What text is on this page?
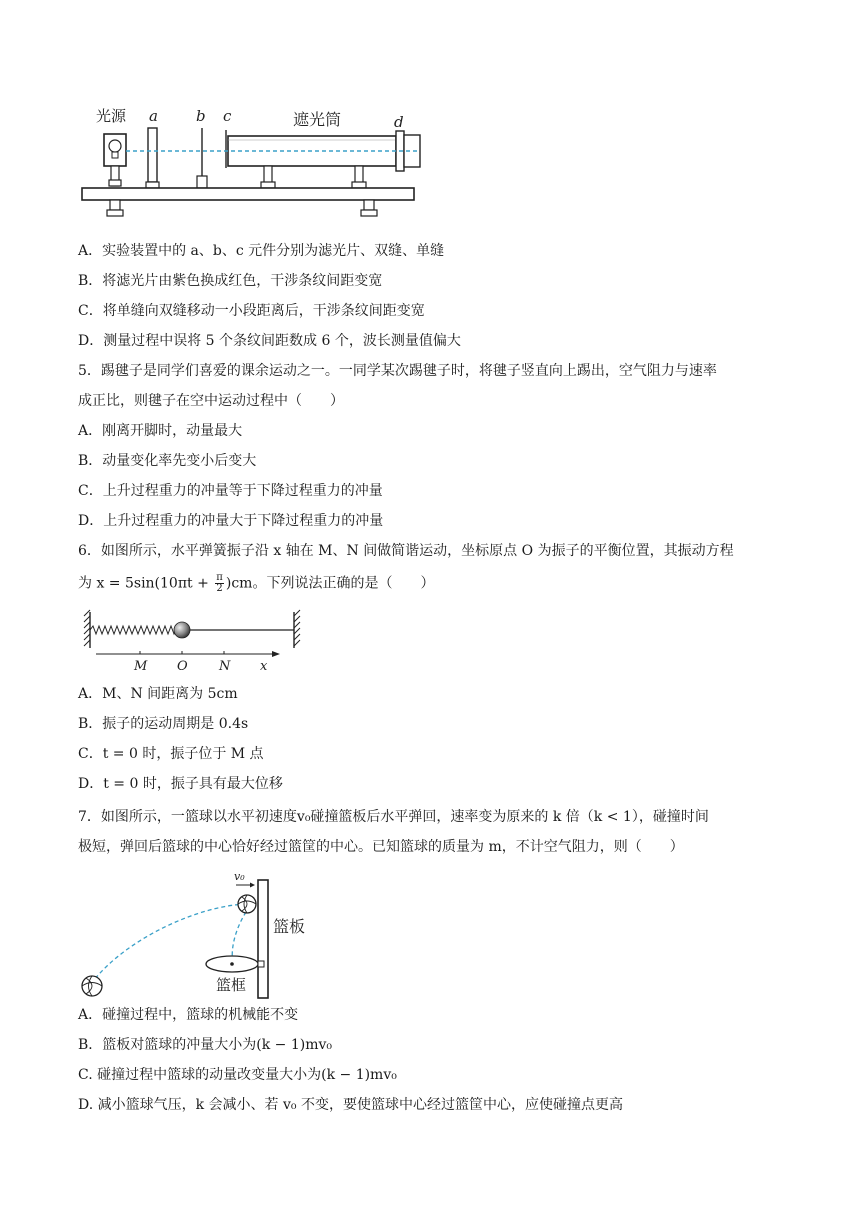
光源 a	b c	遮光筒	d
A．实验装置中的 a、b、c 元件分别为滤光片、双缝、单缝
B．将滤光片由紫色换成红色，干涉条纹间距变宽
C．将单缝向双缝移动一小段距离后，干涉条纹间距变宽
D．测量过程中误将 5 个条纹间距数成 6 个，波长测量值偏大
5．踢毽子是同学们喜爱的课余运动之一。一同学某次踢毽子时，将毽子竖直向上踢出，空气阻力与速率
成正比，则毽子在空中运动过程中（　　）
A．刚离开脚时，动量最大
B．动量变化率先变小后变大
C．上升过程重力的冲量等于下降过程重力的冲量
D．上升过程重力的冲量大于下降过程重力的冲量
6．如图所示，水平弹簧振子沿 x 轴在 M、N 间做简谐运动，坐标原点 O 为振子的平衡位置，其振动方程
为 $x = 5\sin(10\pi t + \frac{\pi}{2} )cm$。下列说法正确的是（　　）
M O N x
A．M、N 间距离为 5cm
B．振子的运动周期是 0.4s
C．t = 0 时，振子位于 M 点
D．t = 0 时，振子具有最大位移
7．如图所示，一篮球以水平初速度v₀碰撞篮板后水平弹回，速率变为原来的 k 倍（k < 1），碰撞时间
极短，弹回后篮球的中心恰好经过篮筐的中心。已知篮球的质量为 m，不计空气阻力，则（　　）
v₀
篮板
篮框
A．碰撞过程中，篮球的机械能不变
B．篮板对篮球的冲量大小为(k − 1)mv₀
C. 碰撞过程中篮球的动量改变量大小为(k − 1)mv₀
D. 减小篮球气压，k 会减小、若 v₀ 不变，要使篮球中心经过篮筐中心，应使碰撞点更高
